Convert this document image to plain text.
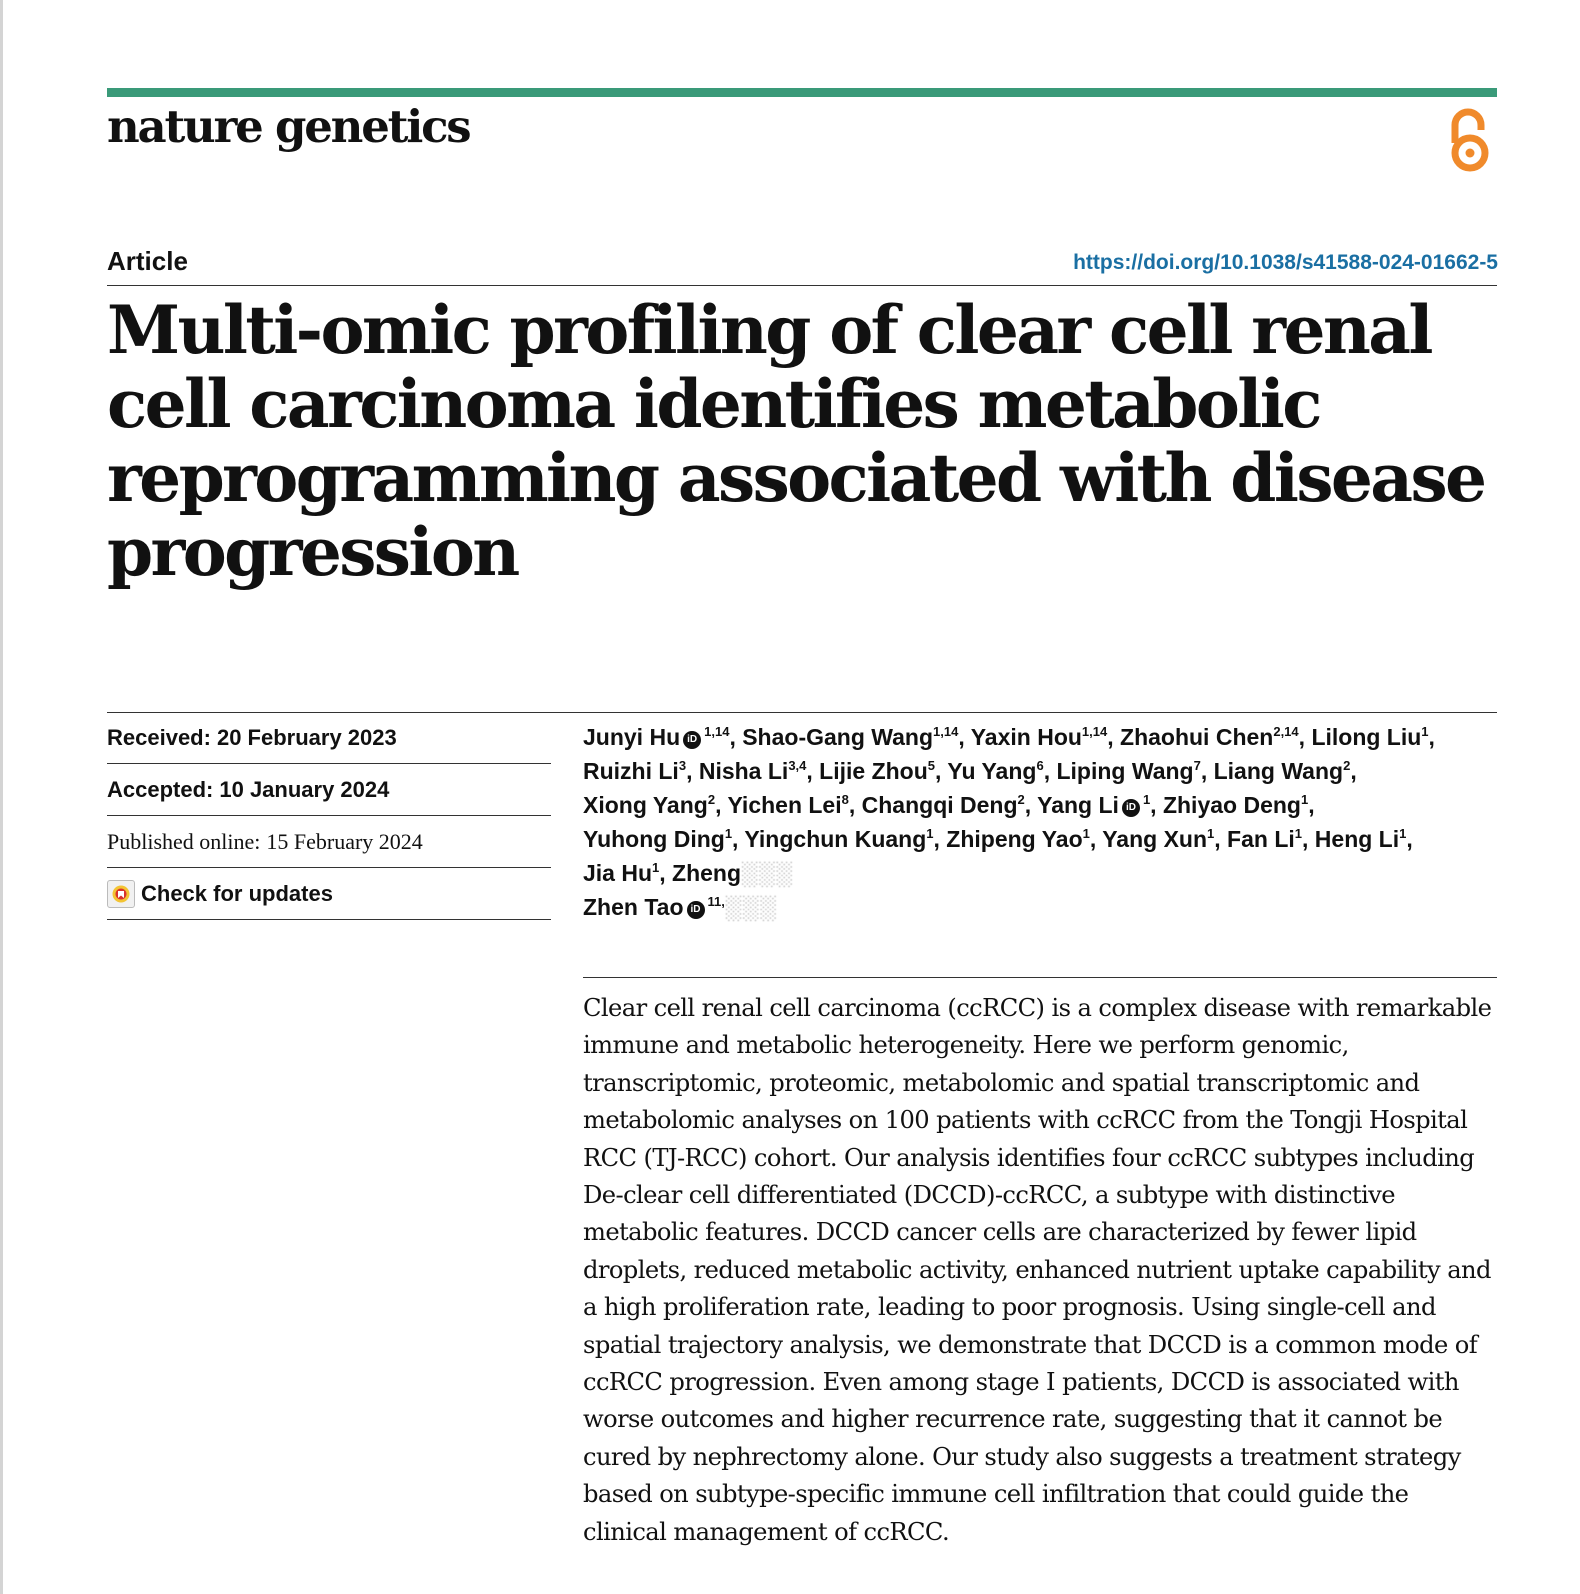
nature genetics
Article	https://doi.org/10.1038/s41588-024-01662-5
Multi-omic profiling of clear cell renal cell carcinoma identifies metabolic reprogramming associated with disease progression
Received: 20 February 2023
Accepted: 10 January 2024
Published online: 15 February 2024
Check for updates
Junyi Hu iD$^{1,14}$, Shao-Gang Wang$^{1,14}$, Yaxin Hou$^{1,14}$, Zhaohui Chen$^{2,14}$, Lilong Liu$^1$,
Ruizhi Li$^3$, Nisha Li$^{3,4}$, Lijie Zhou$^5$, Yu Yang$^6$, Liping Wang$^7$, Liang Wang$^2$,
Xiong Yang$^2$, Yichen Lei$^8$, Changqi Deng$^2$, Yang Li $iD^1$, Zhiyao Deng$^1$,
Yuhong Ding$^1$, Yingchun Kuang$^1$, Zhipeng Yao$^1$, Yang Xun$^1$, Fan Li$^1$, Heng Li$^1$,
Jia Hu$^1$, Zheng░░░
Zhen Tao $iD^{11,}░░░$

Clear cell renal cell carcinoma (ccRCC) is a complex disease with remarkable immune and metabolic heterogeneity. Here we perform genomic, transcriptomic, proteomic, metabolomic and spatial transcriptomic and metabolomic analyses on 100 patients with ccRCC from the Tongji Hospital RCC (TJ-RCC) cohort. Our analysis identifies four ccRCC subtypes including De-clear cell differentiated (DCCD)-ccRCC, a subtype with distinctive metabolic features. DCCD cancer cells are characterized by fewer lipid droplets, reduced metabolic activity, enhanced nutrient uptake capability and a high proliferation rate, leading to poor prognosis. Using single-cell and spatial trajectory analysis, we demonstrate that DCCD is a common mode of ccRCC progression. Even among stage I patients, DCCD is associated with worse outcomes and higher recurrence rate, suggesting that it cannot be cured by nephrectomy alone. Our study also suggests a treatment strategy based on subtype-specific immune cell infiltration that could guide the clinical management of ccRCC.
